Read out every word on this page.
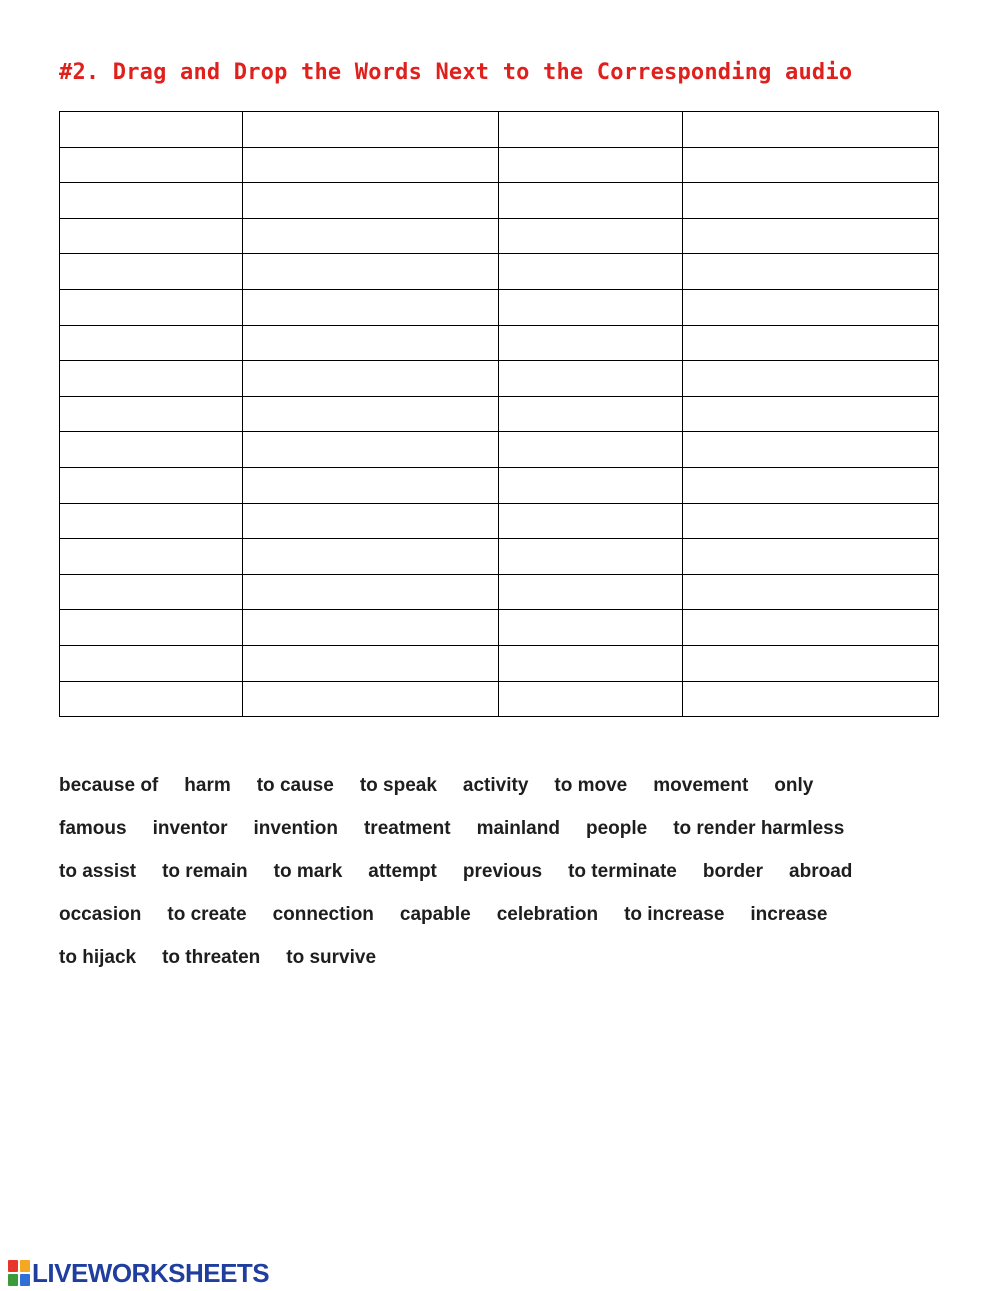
#2. Drag and Drop the Words Next to the Corresponding audio

because of harm to cause to speak activity to move movement only
famous inventor invention treatment mainland people to render harmless
to assist to remain to mark attempt previous to terminate border abroad
occasion to create connection capable celebration to increase increase
to hijack to threaten to survive
LIVEWORKSHEETS
